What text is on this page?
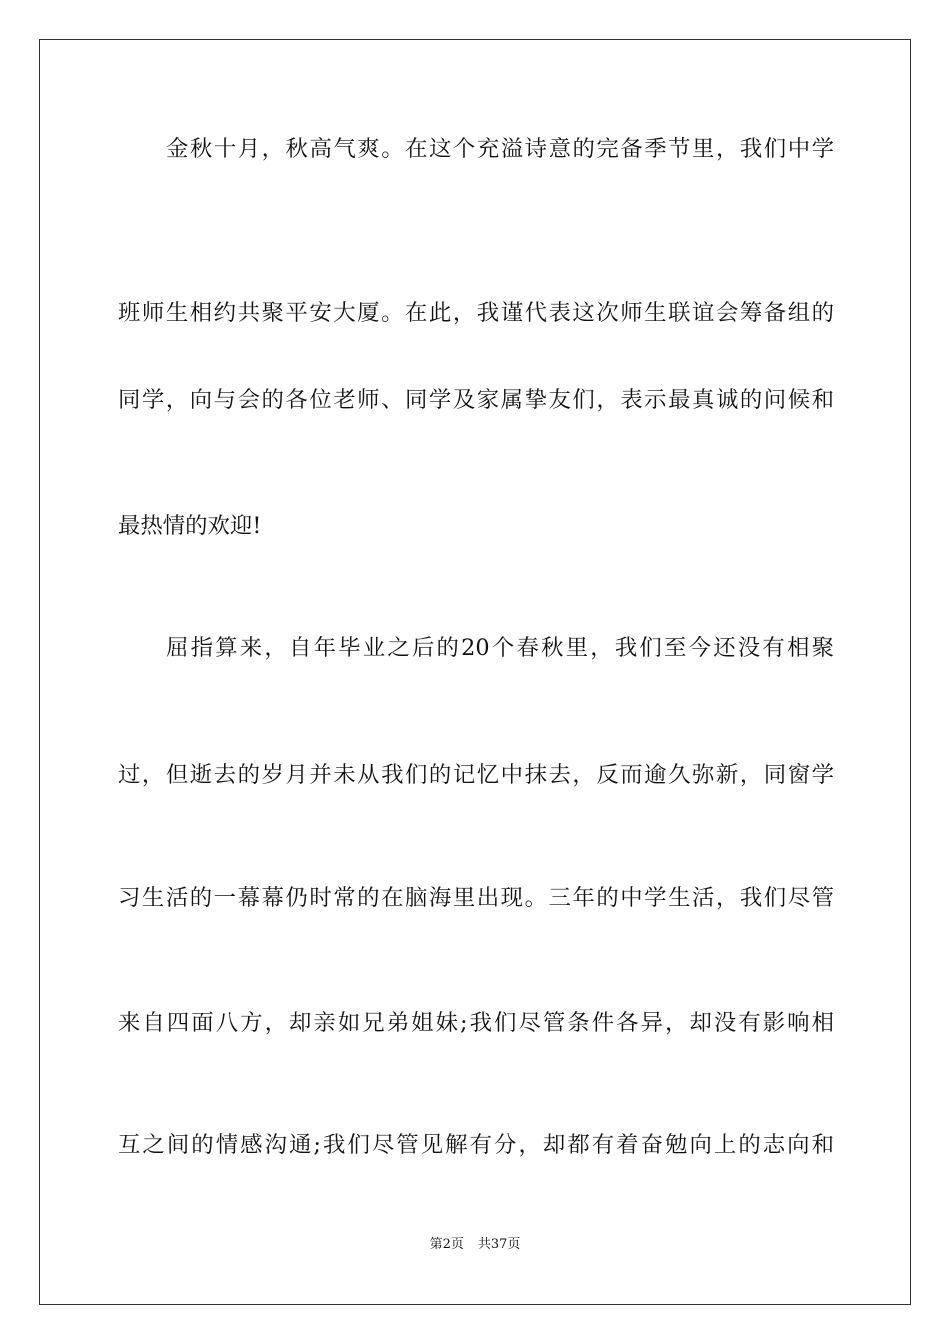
金秋十月，秋高气爽。在这个充溢诗意的完备季节里，我们中学
班师生相约共聚平安大厦。在此，我谨代表这次师生联谊会筹备组的
同学，向与会的各位老师、同学及家属挚友们，表示最真诚的问候和
最热情的欢迎!
屈指算来，自年毕业之后的20个春秋里，我们至今还没有相聚
过，但逝去的岁月并未从我们的记忆中抹去，反而逾久弥新，同窗学
习生活的一幕幕仍时常的在脑海里出现。三年的中学生活，我们尽管
来自四面八方，却亲如兄弟姐妹;我们尽管条件各异，却没有影响相
互之间的情感沟通;我们尽管见解有分，却都有着奋勉向上的志向和
第2页 共37页
